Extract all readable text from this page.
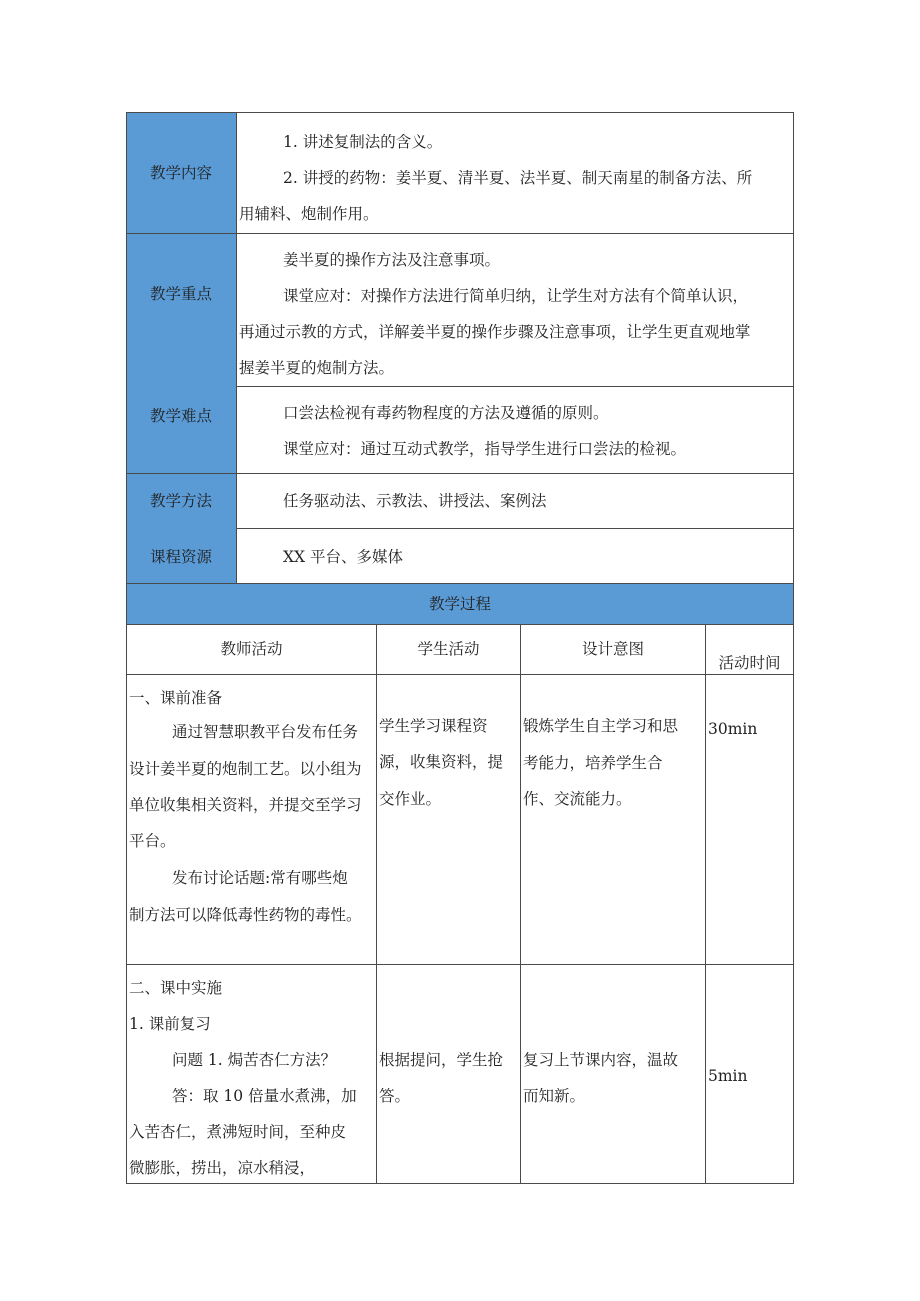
教学内容
教学重点
教学难点
教学方法
课程资源
1. 讲述复制法的含义。
2. 讲授的药物：姜半夏、清半夏、法半夏、制天南星的制备方法、所
用辅料、炮制作用。
姜半夏的操作方法及注意事项。
课堂应对：对操作方法进行简单归纳，让学生对方法有个简单认识，
再通过示教的方式，详解姜半夏的操作步骤及注意事项，让学生更直观地掌
握姜半夏的炮制方法。
口尝法检视有毒药物程度的方法及遵循的原则。
课堂应对：通过互动式教学，指导学生进行口尝法的检视。
任务驱动法、示教法、讲授法、案例法
XX 平台、多媒体
教学过程
教师活动	学生活动	设计意图
活动时间
一、课前准备
通过智慧职教平台发布任务
设计姜半夏的炮制工艺。以小组为
单位收集相关资料，并提交至学习
平台。
发布讨论话题:常有哪些炮
制方法可以降低毒性药物的毒性。
学生学习课程资
源，收集资料，提
交作业。
锻炼学生自主学习和思
考能力，培养学生合
作、交流能力。
30min
二、课中实施
1. 课前复习
问题 1. 焗苦杏仁方法？
答：取 10 倍量水煮沸，加
入苦杏仁，煮沸短时间，至种皮
微膨胀，捞出，凉水稍浸，
根据提问，学生抢
答。
复习上节课内容，温故
而知新。
5min
